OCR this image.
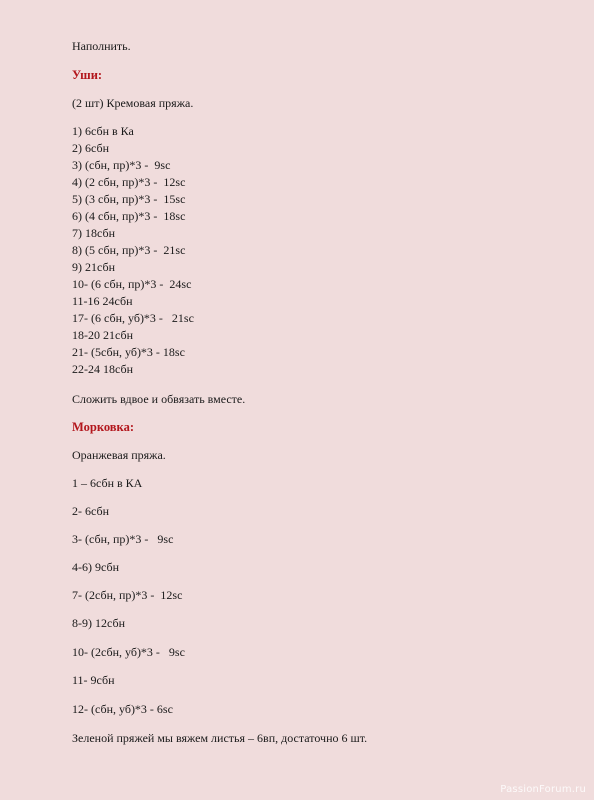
Наполнить.
Уши:
(2 шт) Кремовая пряжа.
1) 6сбн в Ка
2) 6сбн
3) (сбн, пр)*3 -  9sc
4) (2 сбн, пр)*3 -  12sc
5) (3 сбн, пр)*3 -  15sc
6) (4 сбн, пр)*3 -  18sc
7) 18сбн
8) (5 сбн, пр)*3 -  21sc
9) 21сбн
10- (6 сбн, пр)*3 -  24sc
11-16 24сбн
17- (6 сбн, уб)*3 -   21sc
18-20 21сбн
21- (5сбн, уб)*3 - 18sc
22-24 18сбн
Сложить вдвое и обвязать вместе.
Морковка:
Оранжевая пряжа.
1 – 6сбн в КА
2- 6сбн
3- (сбн, пр)*3 -   9sc
4-6) 9сбн
7- (2сбн, пр)*3 -  12sc
8-9) 12сбн
10- (2сбн, уб)*3 -   9sc
11- 9сбн
12- (сбн, уб)*3 - 6sc
Зеленой пряжей мы вяжем листья – 6вп, достаточно 6 шт.
PassionForum.ru
